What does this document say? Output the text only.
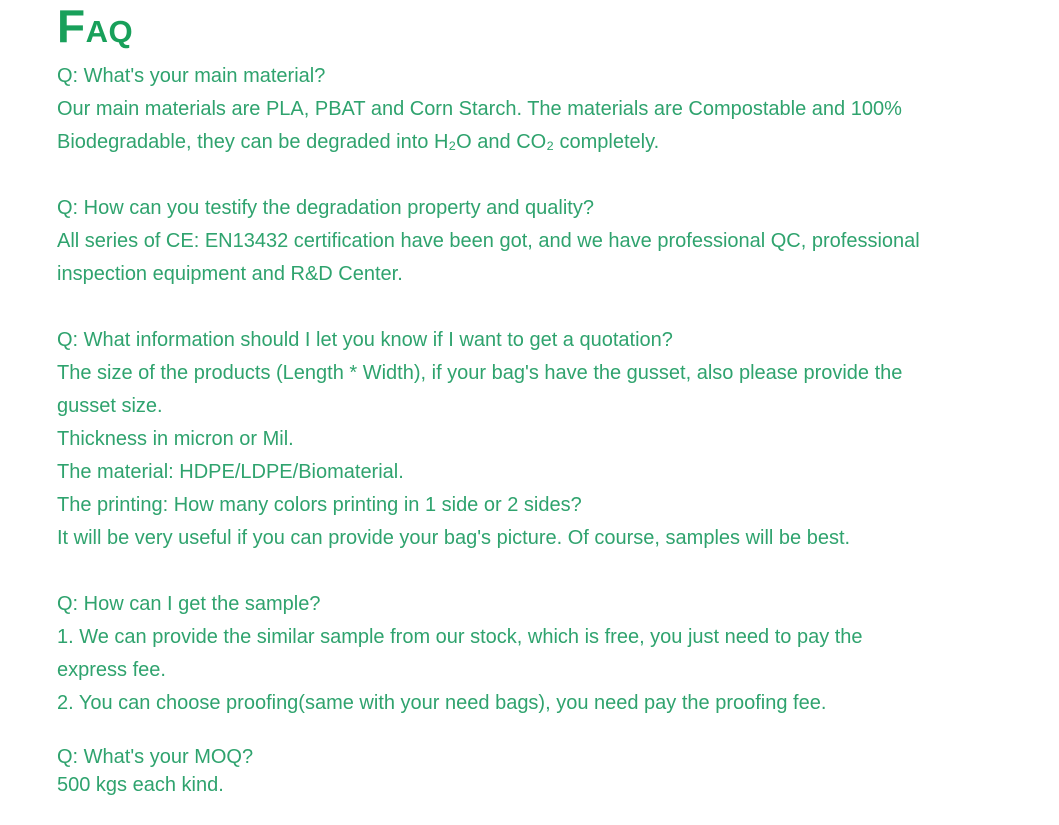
FAQ
Q: What's your main material?
Our main materials are PLA, PBAT and Corn Starch. The materials are Compostable and 100%
Biodegradable, they can be degraded into H₂O and CO₂ completely.
Q: How can you testify the degradation property and quality?
All series of CE: EN13432 certification have been got, and we have professional QC, professional
inspection equipment and R&D Center.
Q: What information should I let you know if I want to get a quotation?
The size of the products (Length * Width), if your bag's have the gusset, also please provide the
gusset size.
Thickness in micron or Mil.
The material: HDPE/LDPE/Biomaterial.
The printing: How many colors printing in 1 side or 2 sides?
It will be very useful if you can provide your bag's picture. Of course, samples will be best.
Q: How can I get the sample?
1. We can provide the similar sample from our stock, which is free, you just need to pay the
express fee.
2. You can choose proofing(same with your need bags), you need pay the proofing fee.
Q: What's your MOQ?
500 kgs each kind.
